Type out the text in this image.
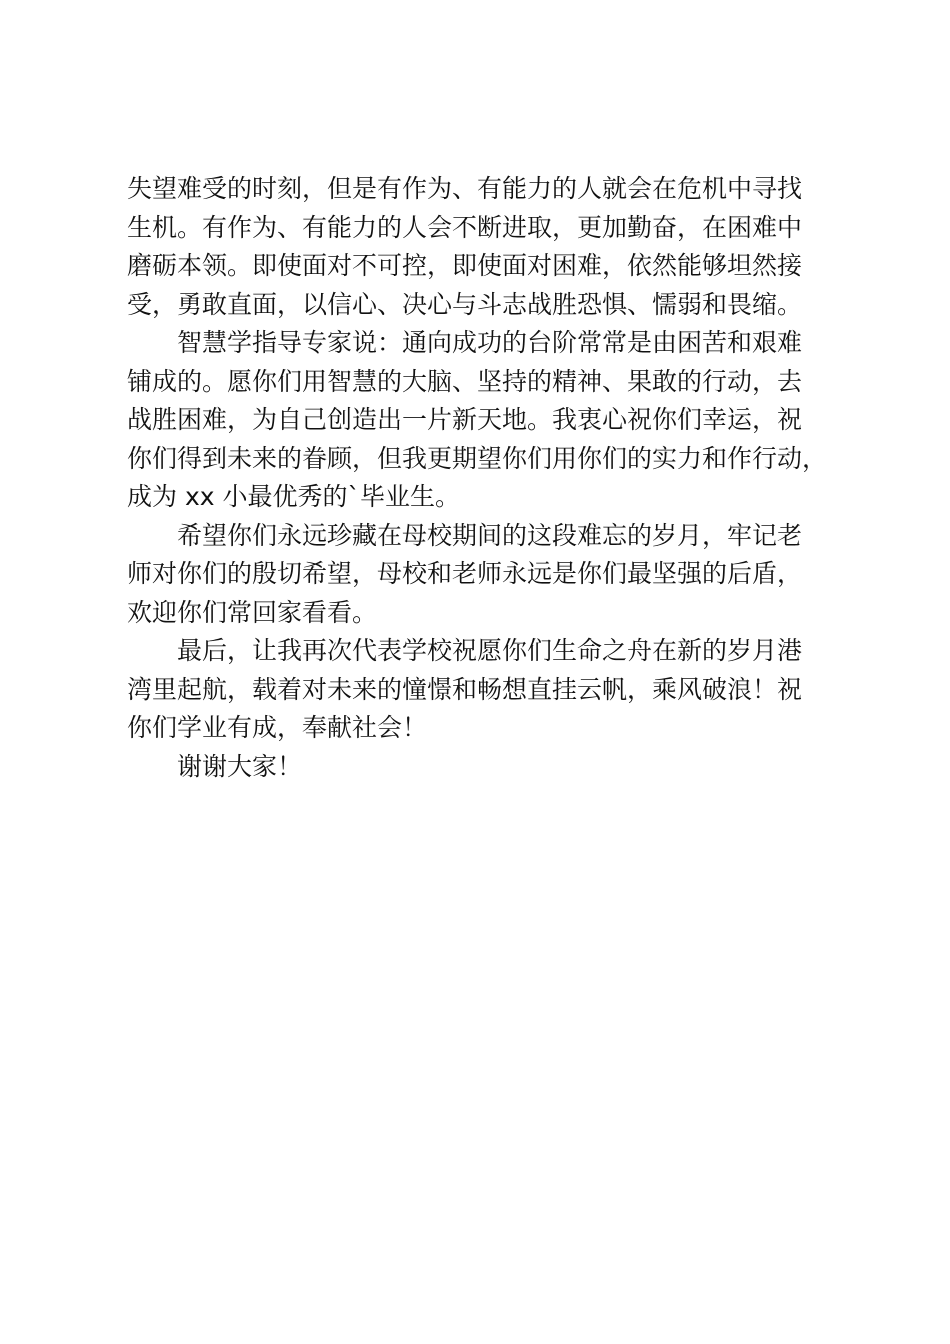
失望难受的时刻，但是有作为、有能力的人就会在危机中寻找
生机。有作为、有能力的人会不断进取，更加勤奋，在困难中
磨砺本领。即使面对不可控，即使面对困难，依然能够坦然接
受，勇敢直面，以信心、决心与斗志战胜恐惧、懦弱和畏缩。
智慧学指导专家说：通向成功的台阶常常是由困苦和艰难
铺成的。愿你们用智慧的大脑、坚持的精神、果敢的行动，去
战胜困难，为自己创造出一片新天地。我衷心祝你们幸运，祝
你们得到未来的眷顾，但我更期望你们用你们的实力和作行动，
成为 xx 小最优秀的`毕业生。
希望你们永远珍藏在母校期间的这段难忘的岁月，牢记老
师对你们的殷切希望，母校和老师永远是你们最坚强的后盾，
欢迎你们常回家看看。
最后，让我再次代表学校祝愿你们生命之舟在新的岁月港
湾里起航，载着对未来的憧憬和畅想直挂云帆，乘风破浪！祝
你们学业有成，奉献社会！
谢谢大家！
